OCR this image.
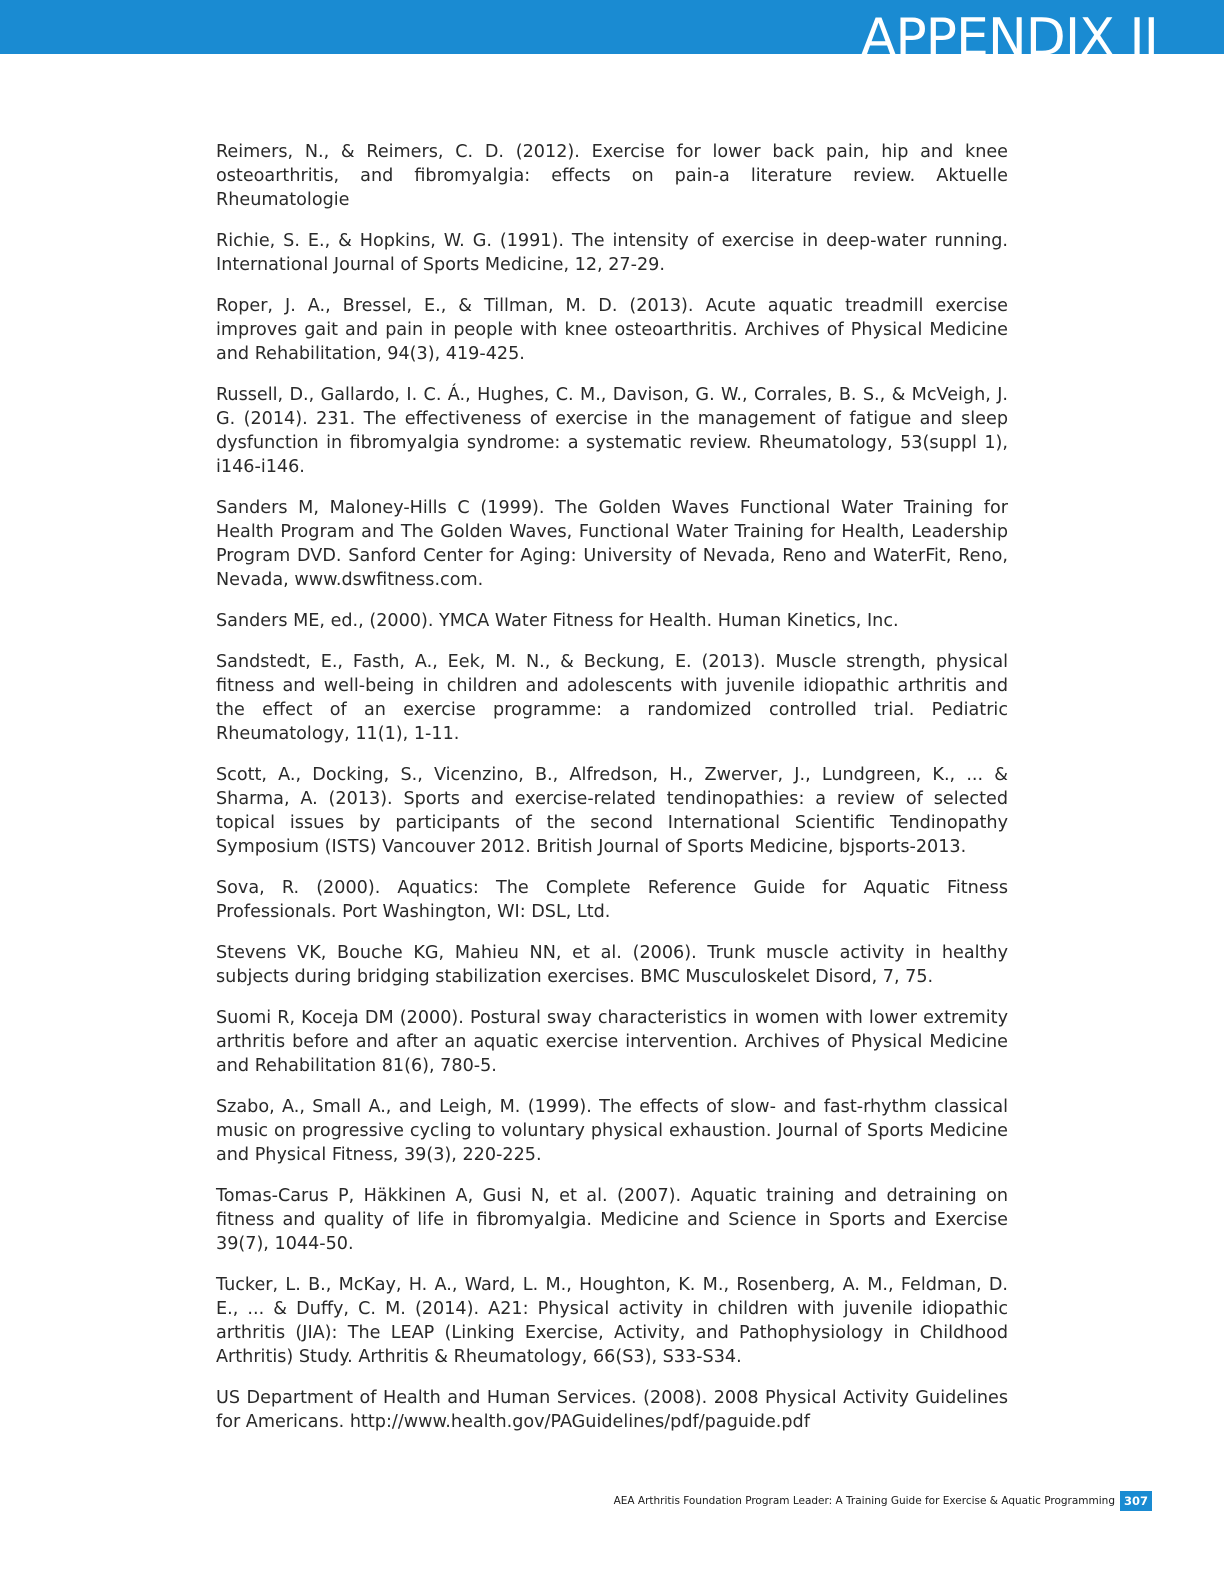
APPENDIX II

Reimers, N., & Reimers, C. D. (2012). Exercise for lower back pain, hip and knee osteoarthritis, and fibromyalgia: effects on pain-a literature review. Aktuelle Rheumatologie

Richie, S. E., & Hopkins, W. G. (1991). The intensity of exercise in deep-water running. International Journal of Sports Medicine, 12, 27-29.

Roper, J. A., Bressel, E., & Tillman, M. D. (2013). Acute aquatic treadmill exercise improves gait and pain in people with knee osteoarthritis. Archives of Physical Medicine and Rehabilitation, 94(3), 419-425.

Russell, D., Gallardo, I. C. Á., Hughes, C. M., Davison, G. W., Corrales, B. S., & McVeigh, J. G. (2014). 231. The effectiveness of exercise in the management of fatigue and sleep dysfunction in fibromyalgia syndrome: a systematic review. Rheumatology, 53(suppl 1), i146-i146.

Sanders M, Maloney-Hills C (1999). The Golden Waves Functional Water Training for Health Program and The Golden Waves, Functional Water Training for Health, Leadership Program DVD. Sanford Center for Aging: University of Nevada, Reno and WaterFit, Reno, Nevada, www.dswfitness.com.

Sanders ME, ed., (2000). YMCA Water Fitness for Health. Human Kinetics, Inc.

Sandstedt, E., Fasth, A., Eek, M. N., & Beckung, E. (2013). Muscle strength, physical fitness and well-being in children and adolescents with juvenile idiopathic arthritis and the effect of an exercise programme: a randomized controlled trial. Pediatric Rheumatology, 11(1), 1-11.

Scott, A., Docking, S., Vicenzino, B., Alfredson, H., Zwerver, J., Lundgreen, K., ... & Sharma, A. (2013). Sports and exercise-related tendinopathies: a review of selected topical issues by participants of the second International Scientific Tendinopathy Symposium (ISTS) Vancouver 2012. British Journal of Sports Medicine, bjsports-2013.

Sova, R. (2000). Aquatics: The Complete Reference Guide for Aquatic Fitness Professionals. Port Washington, WI: DSL, Ltd.

Stevens VK, Bouche KG, Mahieu NN, et al. (2006). Trunk muscle activity in healthy subjects during bridging stabilization exercises. BMC Musculoskelet Disord, 7, 75.

Suomi R, Koceja DM (2000). Postural sway characteristics in women with lower extremity arthritis before and after an aquatic exercise intervention. Archives of Physical Medicine and Rehabilitation 81(6), 780-5.

Szabo, A., Small A., and Leigh, M. (1999). The effects of slow- and fast-rhythm classical music on progressive cycling to voluntary physical exhaustion. Journal of Sports Medicine and Physical Fitness, 39(3), 220-225.

Tomas-Carus P, Häkkinen A, Gusi N, et al. (2007). Aquatic training and detraining on fitness and quality of life in fibromyalgia. Medicine and Science in Sports and Exercise 39(7), 1044-50.

Tucker, L. B., McKay, H. A., Ward, L. M., Houghton, K. M., Rosenberg, A. M., Feldman, D. E., ... & Duffy, C. M. (2014). A21: Physical activity in children with juvenile idiopathic arthritis (JIA): The LEAP (Linking Exercise, Activity, and Pathophysiology in Childhood Arthritis) Study. Arthritis & Rheumatology, 66(S3), S33-S34.

US Department of Health and Human Services. (2008). 2008 Physical Activity Guidelines for Americans. http://www.health.gov/PAGuidelines/pdf/paguide.pdf

AEA Arthritis Foundation Program Leader: A Training Guide for Exercise & Aquatic Programming 307
